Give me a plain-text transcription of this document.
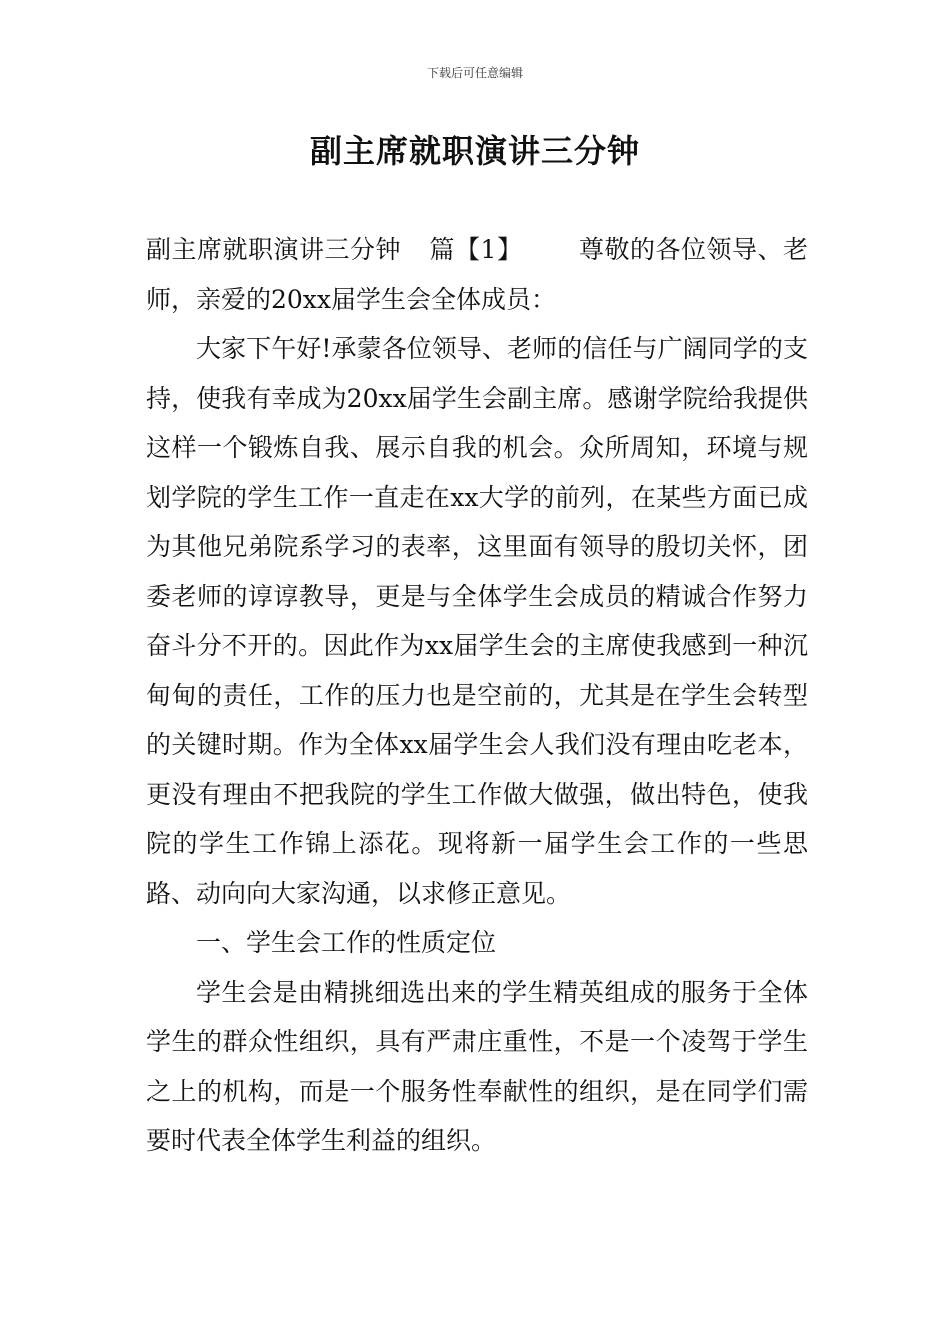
下载后可任意编辑
副主席就职演讲三分钟

副主席就职演讲三分钟 篇【1】 尊敬的各位领导、老师，亲爱的20xx届学生会全体成员：

大家下午好!承蒙各位领导、老师的信任与广阔同学的支持，使我有幸成为20xx届学生会副主席。感谢学院给我提供这样一个锻炼自我、展示自我的机会。众所周知，环境与规划学院的学生工作一直走在xx大学的前列，在某些方面已成为其他兄弟院系学习的表率，这里面有领导的殷切关怀，团委老师的谆谆教导，更是与全体学生会成员的精诚合作努力奋斗分不开的。因此作为xx届学生会的主席使我感到一种沉甸甸的责任，工作的压力也是空前的，尤其是在学生会转型的关键时期。作为全体xx届学生会人我们没有理由吃老本，更没有理由不把我院的学生工作做大做强，做出特色，使我院的学生工作锦上添花。现将新一届学生会工作的一些思路、动向向大家沟通，以求修正意见。

一、学生会工作的性质定位

学生会是由精挑细选出来的学生精英组成的服务于全体学生的群众性组织，具有严肃庄重性，不是一个凌驾于学生之上的机构，而是一个服务性奉献性的组织，是在同学们需要时代表全体学生利益的组织。
